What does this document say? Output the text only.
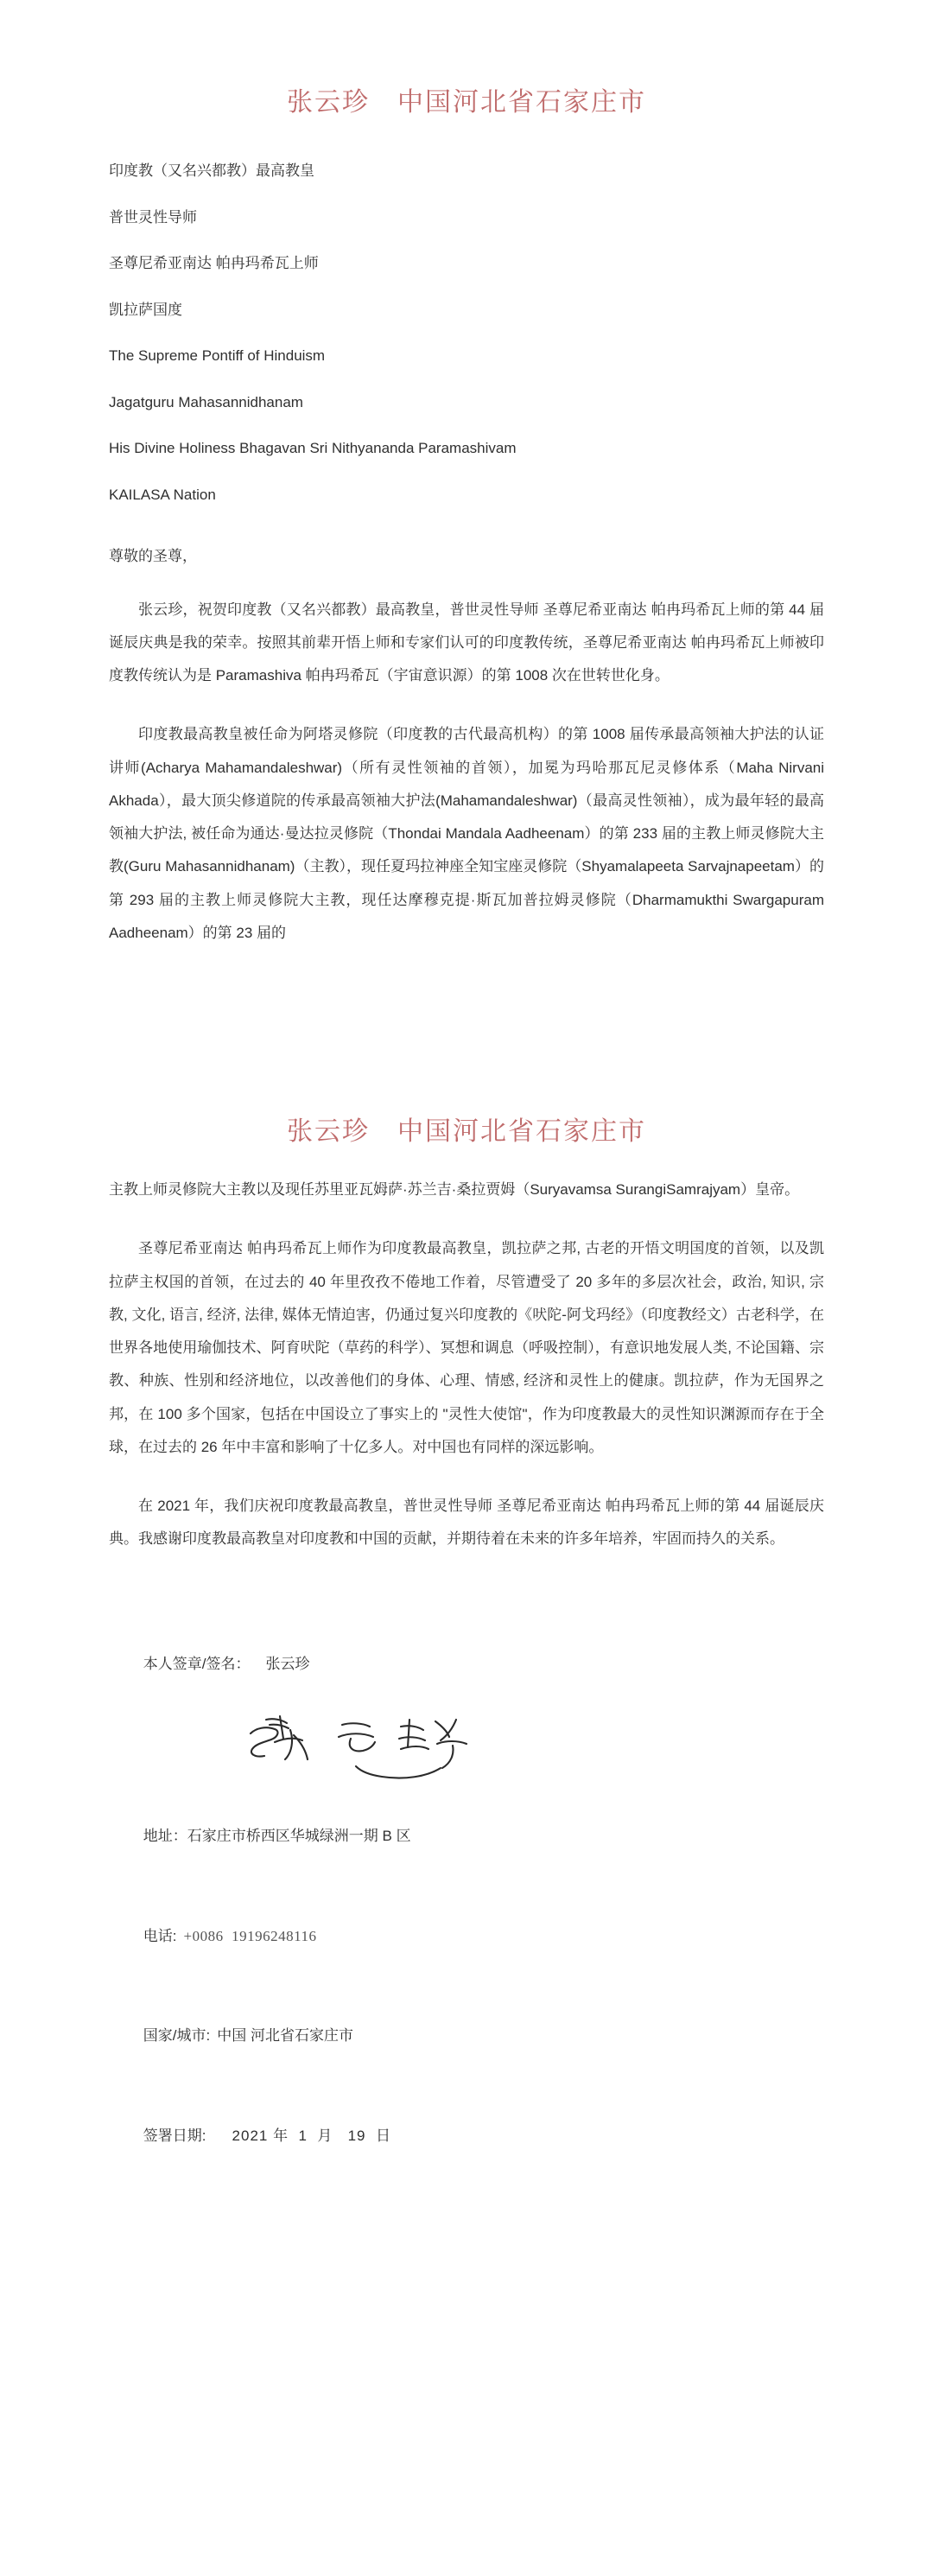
张云珍　中国河北省石家庄市

印度教（又名兴都教）最高教皇

普世灵性导师

圣尊尼希亚南达 帕冉玛希瓦上师

凯拉萨国度

The Supreme Pontiff of Hinduism

Jagatguru Mahasannidhanam

His Divine Holiness Bhagavan Sri Nithyananda Paramashivam

KAILASA Nation

尊敬的圣尊，

张云珍，祝贺印度教（又名兴都教）最高教皇，普世灵性导师 圣尊尼希亚南达 帕冉玛希瓦上师的第 44 届诞辰庆典是我的荣幸。按照其前辈开悟上师和专家们认可的印度教传统，圣尊尼希亚南达 帕冉玛希瓦上师被印度教传统认为是 Paramashiva 帕冉玛希瓦（宇宙意识源）的第 1008 次在世转世化身。

印度教最高教皇被任命为阿塔灵修院（印度教的古代最高机构）的第 1008 届传承最高领袖大护法的认证讲师(Acharya Mahamandaleshwar)（所有灵性领袖的首领），加冕为玛哈那瓦尼灵修体系（Maha Nirvani Akhada），最大顶尖修道院的传承最高领袖大护法(Mahamandaleshwar)（最高灵性领袖），成为最年轻的最高领袖大护法, 被任命为通达·曼达拉灵修院（Thondai Mandala Aadheenam）的第 233 届的主教上师灵修院大主教(Guru Mahasannidhanam)（主教），现任夏玛拉神座全知宝座灵修院（Shyamalapeeta Sarvajnapeetam）的第 293 届的主教上师灵修院大主教，现任达摩穆克提·斯瓦加普拉姆灵修院（Dharmamukthi Swargapuram Aadheenam）的第 23 届的

张云珍　中国河北省石家庄市

主教上师灵修院大主教以及现任苏里亚瓦姆萨·苏兰吉·桑拉贾姆（Suryavamsa SurangiSamrajyam）皇帝。

圣尊尼希亚南达 帕冉玛希瓦上师作为印度教最高教皇，凯拉萨之邦, 古老的开悟文明国度的首领，以及凯拉萨主权国的首领，在过去的 40 年里孜孜不倦地工作着，尽管遭受了 20 多年的多层次社会，政治, 知识, 宗教, 文化, 语言, 经济, 法律, 媒体无情迫害，仍通过复兴印度教的《吠陀-阿戈玛经》（印度教经文）古老科学，在世界各地使用瑜伽技术、阿育吠陀（草药的科学）、冥想和调息（呼吸控制），有意识地发展人类, 不论国籍、宗教、种族、性别和经济地位，以改善他们的身体、心理、情感, 经济和灵性上的健康。凯拉萨，作为无国界之邦，在 100 多个国家，包括在中国设立了事实上的 "灵性大使馆"，作为印度教最大的灵性知识渊源而存在于全球，在过去的 26 年中丰富和影响了十亿多人。对中国也有同样的深远影响。

在 2021 年，我们庆祝印度教最高教皇，普世灵性导师 圣尊尼希亚南达 帕冉玛希瓦上师的第 44 届诞辰庆典。我感谢印度教最高教皇对印度教和中国的贡献，并期待着在未来的许多年培养，牢固而持久的关系。

本人签章/签名： 张云珍

地址：石家庄市桥西区华城绿洲一期 B 区

电话: +0086  19196248116

国家/城市: 中国 河北省石家庄市

签署日期: 2021 年  1  月   19  日
